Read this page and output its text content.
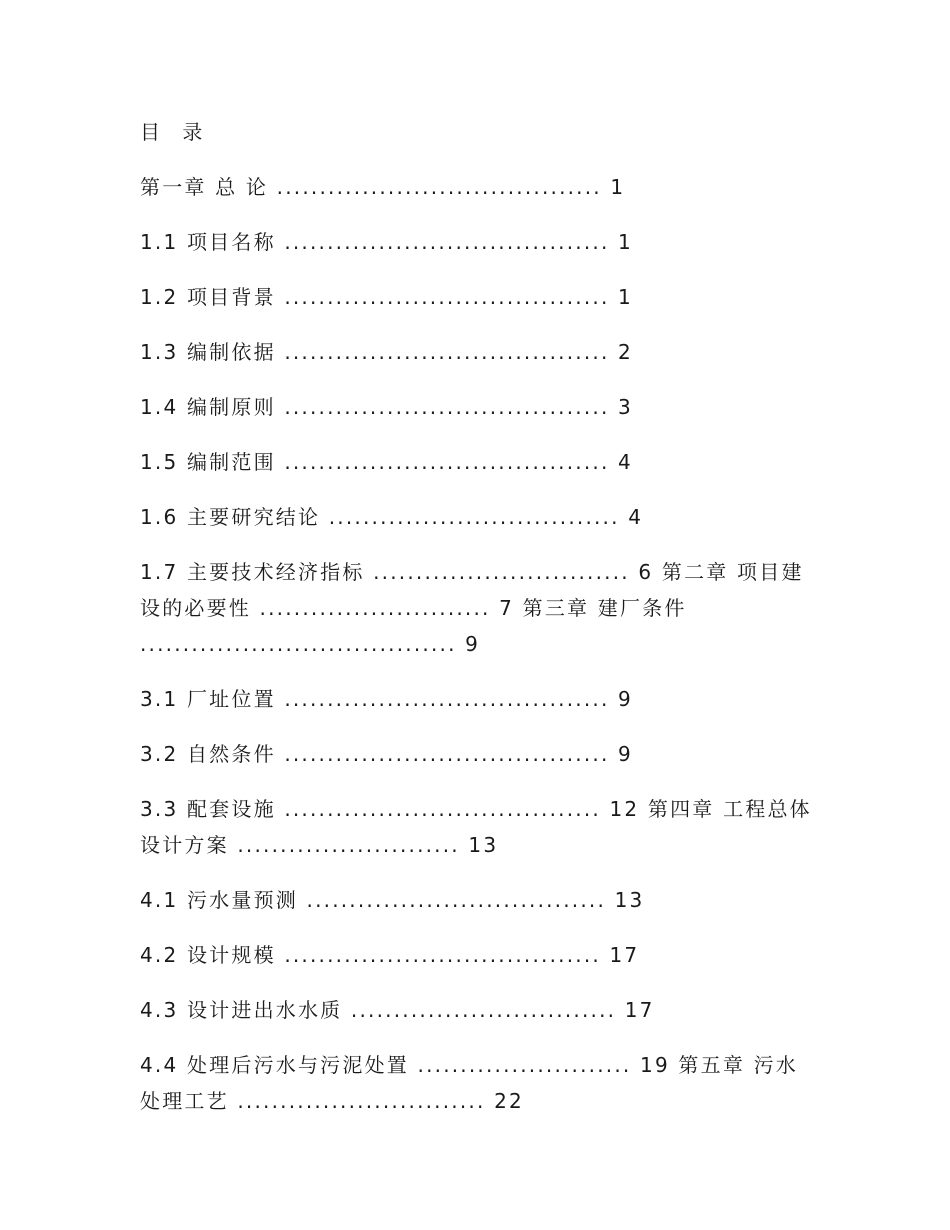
目 录
第一章 总 论 ...................................... 1
1.1 项目名称 ...................................... 1
1.2 项目背景 ...................................... 1
1.3 编制依据 ...................................... 2
1.4 编制原则 ...................................... 3
1.5 编制范围 ...................................... 4
1.6 主要研究结论 .................................. 4
1.7 主要技术经济指标 .............................. 6 第二章 项目建设的必要性 ........................... 7 第三章 建厂条件 ..................................... 9
3.1 厂址位置 ...................................... 9
3.2 自然条件 ...................................... 9
3.3 配套设施 ..................................... 12 第四章 工程总体设计方案 .......................... 13
4.1 污水量预测 ................................... 13
4.2 设计规模 ..................................... 17
4.3 设计进出水水质 ............................... 17
4.4 处理后污水与污泥处置 ......................... 19 第五章 污水处理工艺 ............................. 22
